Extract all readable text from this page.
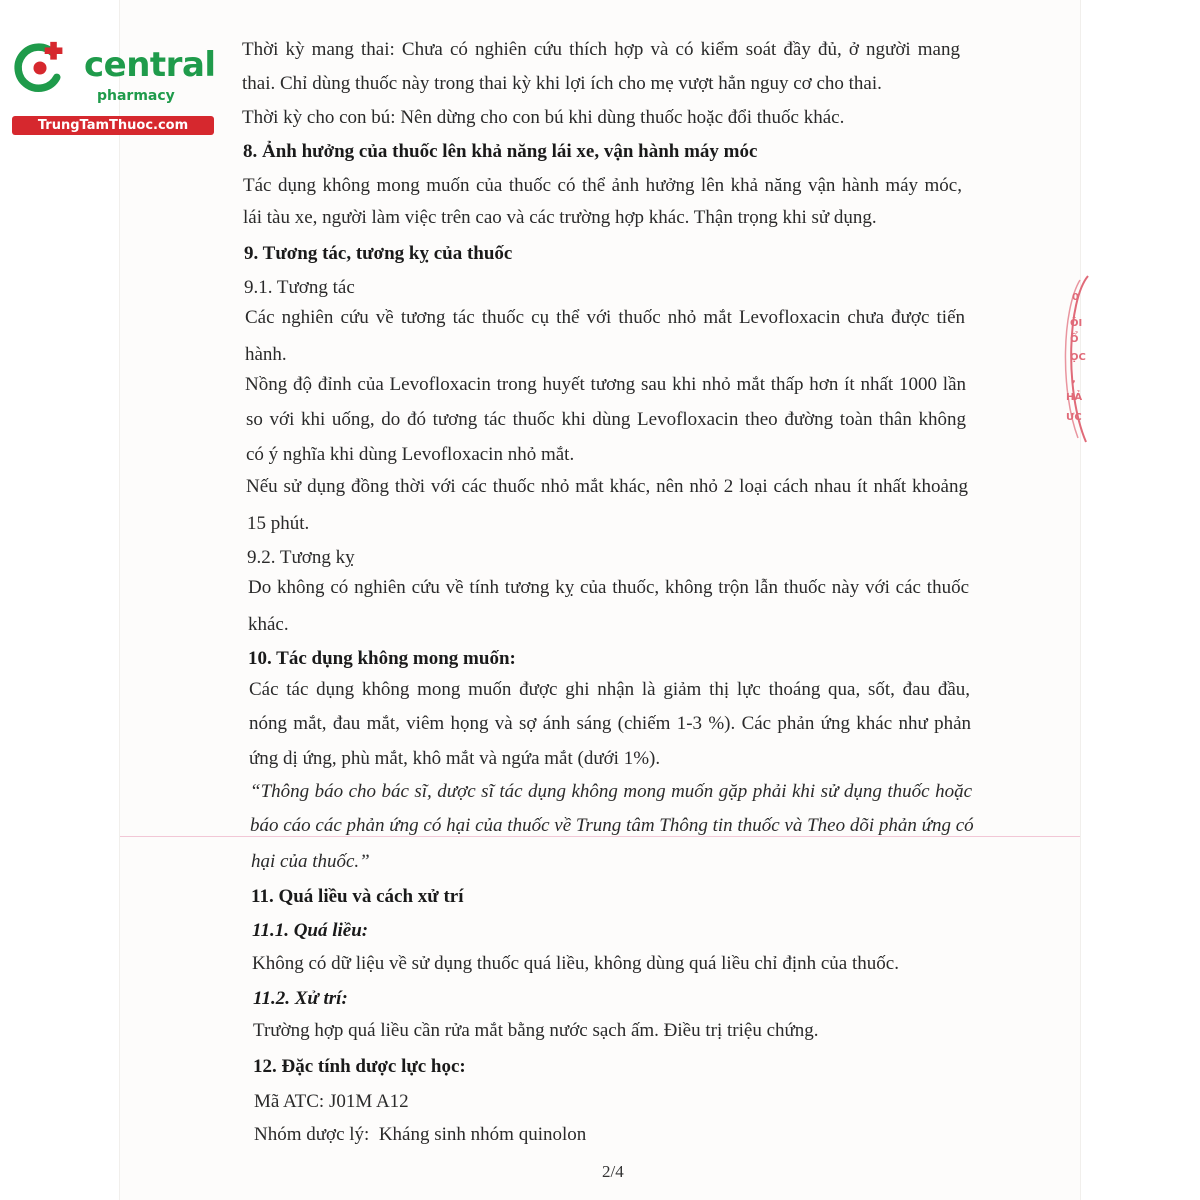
central
pharmacy
TrungTamThuoc.com
0
ÔI
Ổ
ỌC
,
HẢ
ƯC
Thời kỳ mang thai: Chưa có nghiên cứu thích hợp và có kiểm soát đầy đủ, ở người mang
thai. Chỉ dùng thuốc này trong thai kỳ khi lợi ích cho mẹ vượt hẳn nguy cơ cho thai.
Thời kỳ cho con bú: Nên dừng cho con bú khi dùng thuốc hoặc đổi thuốc khác.
8. Ảnh hưởng của thuốc lên khả năng lái xe, vận hành máy móc
Tác dụng không mong muốn của thuốc có thể ảnh hưởng lên khả năng vận hành máy móc,
lái tàu xe, người làm việc trên cao và các trường hợp khác. Thận trọng khi sử dụng.
9. Tương tác, tương kỵ của thuốc
9.1. Tương tác
Các nghiên cứu về tương tác thuốc cụ thể với thuốc nhỏ mắt Levofloxacin chưa được tiến
hành.
Nồng độ đỉnh của Levofloxacin trong huyết tương sau khi nhỏ mắt thấp hơn ít nhất 1000 lần
so với khi uống, do đó tương tác thuốc khi dùng Levofloxacin theo đường toàn thân không
có ý nghĩa khi dùng Levofloxacin nhỏ mắt.
Nếu sử dụng đồng thời với các thuốc nhỏ mắt khác, nên nhỏ 2 loại cách nhau ít nhất khoảng
15 phút.
9.2. Tương kỵ
Do không có nghiên cứu về tính tương kỵ của thuốc, không trộn lẫn thuốc này với các thuốc
khác.
10. Tác dụng không mong muốn:
Các tác dụng không mong muốn được ghi nhận là giảm thị lực thoáng qua, sốt, đau đầu,
nóng mắt, đau mắt, viêm họng và sợ ánh sáng (chiếm 1-3 %). Các phản ứng khác như phản
ứng dị ứng, phù mắt, khô mắt và ngứa mắt (dưới 1%).
“Thông báo cho bác sĩ, dược sĩ tác dụng không mong muốn gặp phải khi sử dụng thuốc hoặc
báo cáo các phản ứng có hại của thuốc về Trung tâm Thông tin thuốc và Theo dõi phản ứng có
hại của thuốc.”
11. Quá liều và cách xử trí
11.1. Quá liều:
Không có dữ liệu về sử dụng thuốc quá liều, không dùng quá liều chỉ định của thuốc.
11.2. Xử trí:
Trường hợp quá liều cần rửa mắt bằng nước sạch ấm. Điều trị triệu chứng.
12. Đặc tính dược lực học:
Mã ATC: J01M A12
Nhóm dược lý:  Kháng sinh nhóm quinolon
2/4
